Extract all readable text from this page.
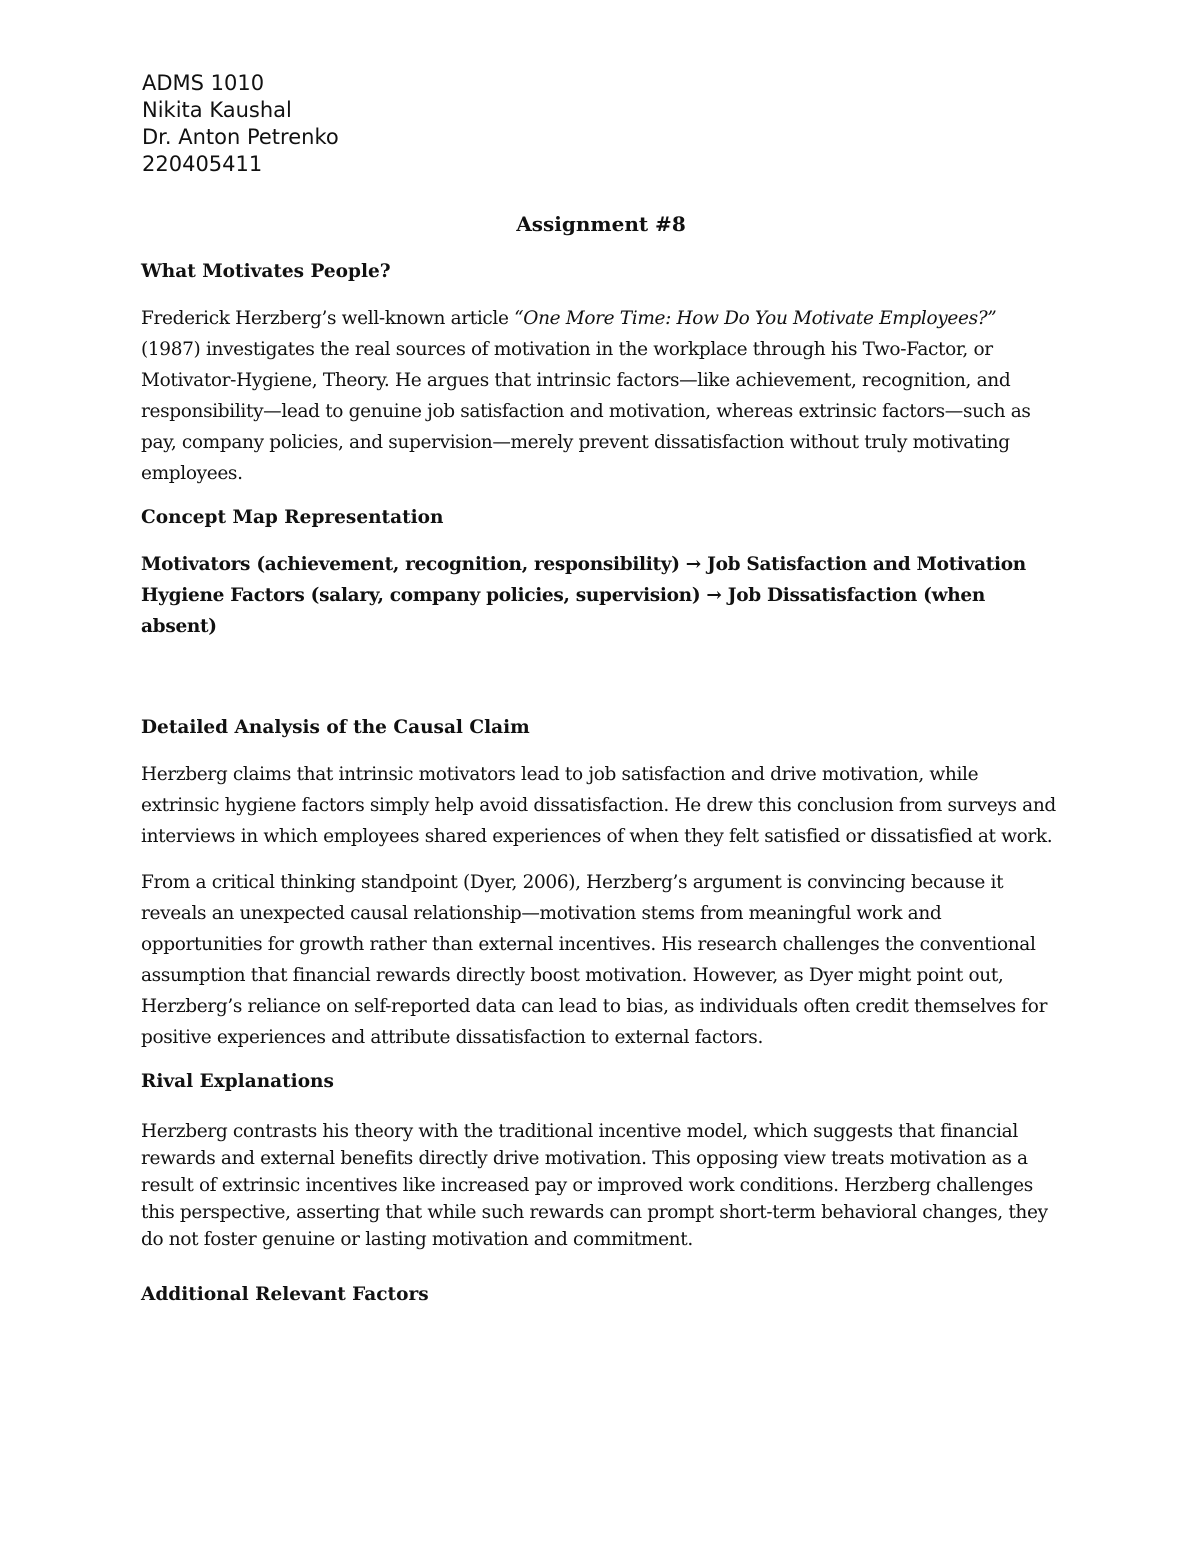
ADMS 1010
Nikita Kaushal
Dr. Anton Petrenko
220405411
Assignment #8
What Motivates People?

Frederick Herzberg’s well-known article “One More Time: How Do You Motivate Employees?” (1987) investigates the real sources of motivation in the workplace through his Two-Factor, or Motivator-Hygiene, Theory. He argues that intrinsic factors—like achievement, recognition, and responsibility—lead to genuine job satisfaction and motivation, whereas extrinsic factors—such as pay, company policies, and supervision—merely prevent dissatisfaction without truly motivating employees.

Concept Map Representation
Motivators (achievement, recognition, responsibility) → Job Satisfaction and Motivation
Hygiene Factors (salary, company policies, supervision) → Job Dissatisfaction (when absent)
Detailed Analysis of the Causal Claim

Herzberg claims that intrinsic motivators lead to job satisfaction and drive motivation, while extrinsic hygiene factors simply help avoid dissatisfaction. He drew this conclusion from surveys and interviews in which employees shared experiences of when they felt satisfied or dissatisfied at work.

From a critical thinking standpoint (Dyer, 2006), Herzberg’s argument is convincing because it reveals an unexpected causal relationship—motivation stems from meaningful work and opportunities for growth rather than external incentives. His research challenges the conventional assumption that financial rewards directly boost motivation. However, as Dyer might point out, Herzberg’s reliance on self-reported data can lead to bias, as individuals often credit themselves for positive experiences and attribute dissatisfaction to external factors.

Rival Explanations

Herzberg contrasts his theory with the traditional incentive model, which suggests that financial rewards and external benefits directly drive motivation. This opposing view treats motivation as a result of extrinsic incentives like increased pay or improved work conditions. Herzberg challenges this perspective, asserting that while such rewards can prompt short-term behavioral changes, they do not foster genuine or lasting motivation and commitment.

Additional Relevant Factors
